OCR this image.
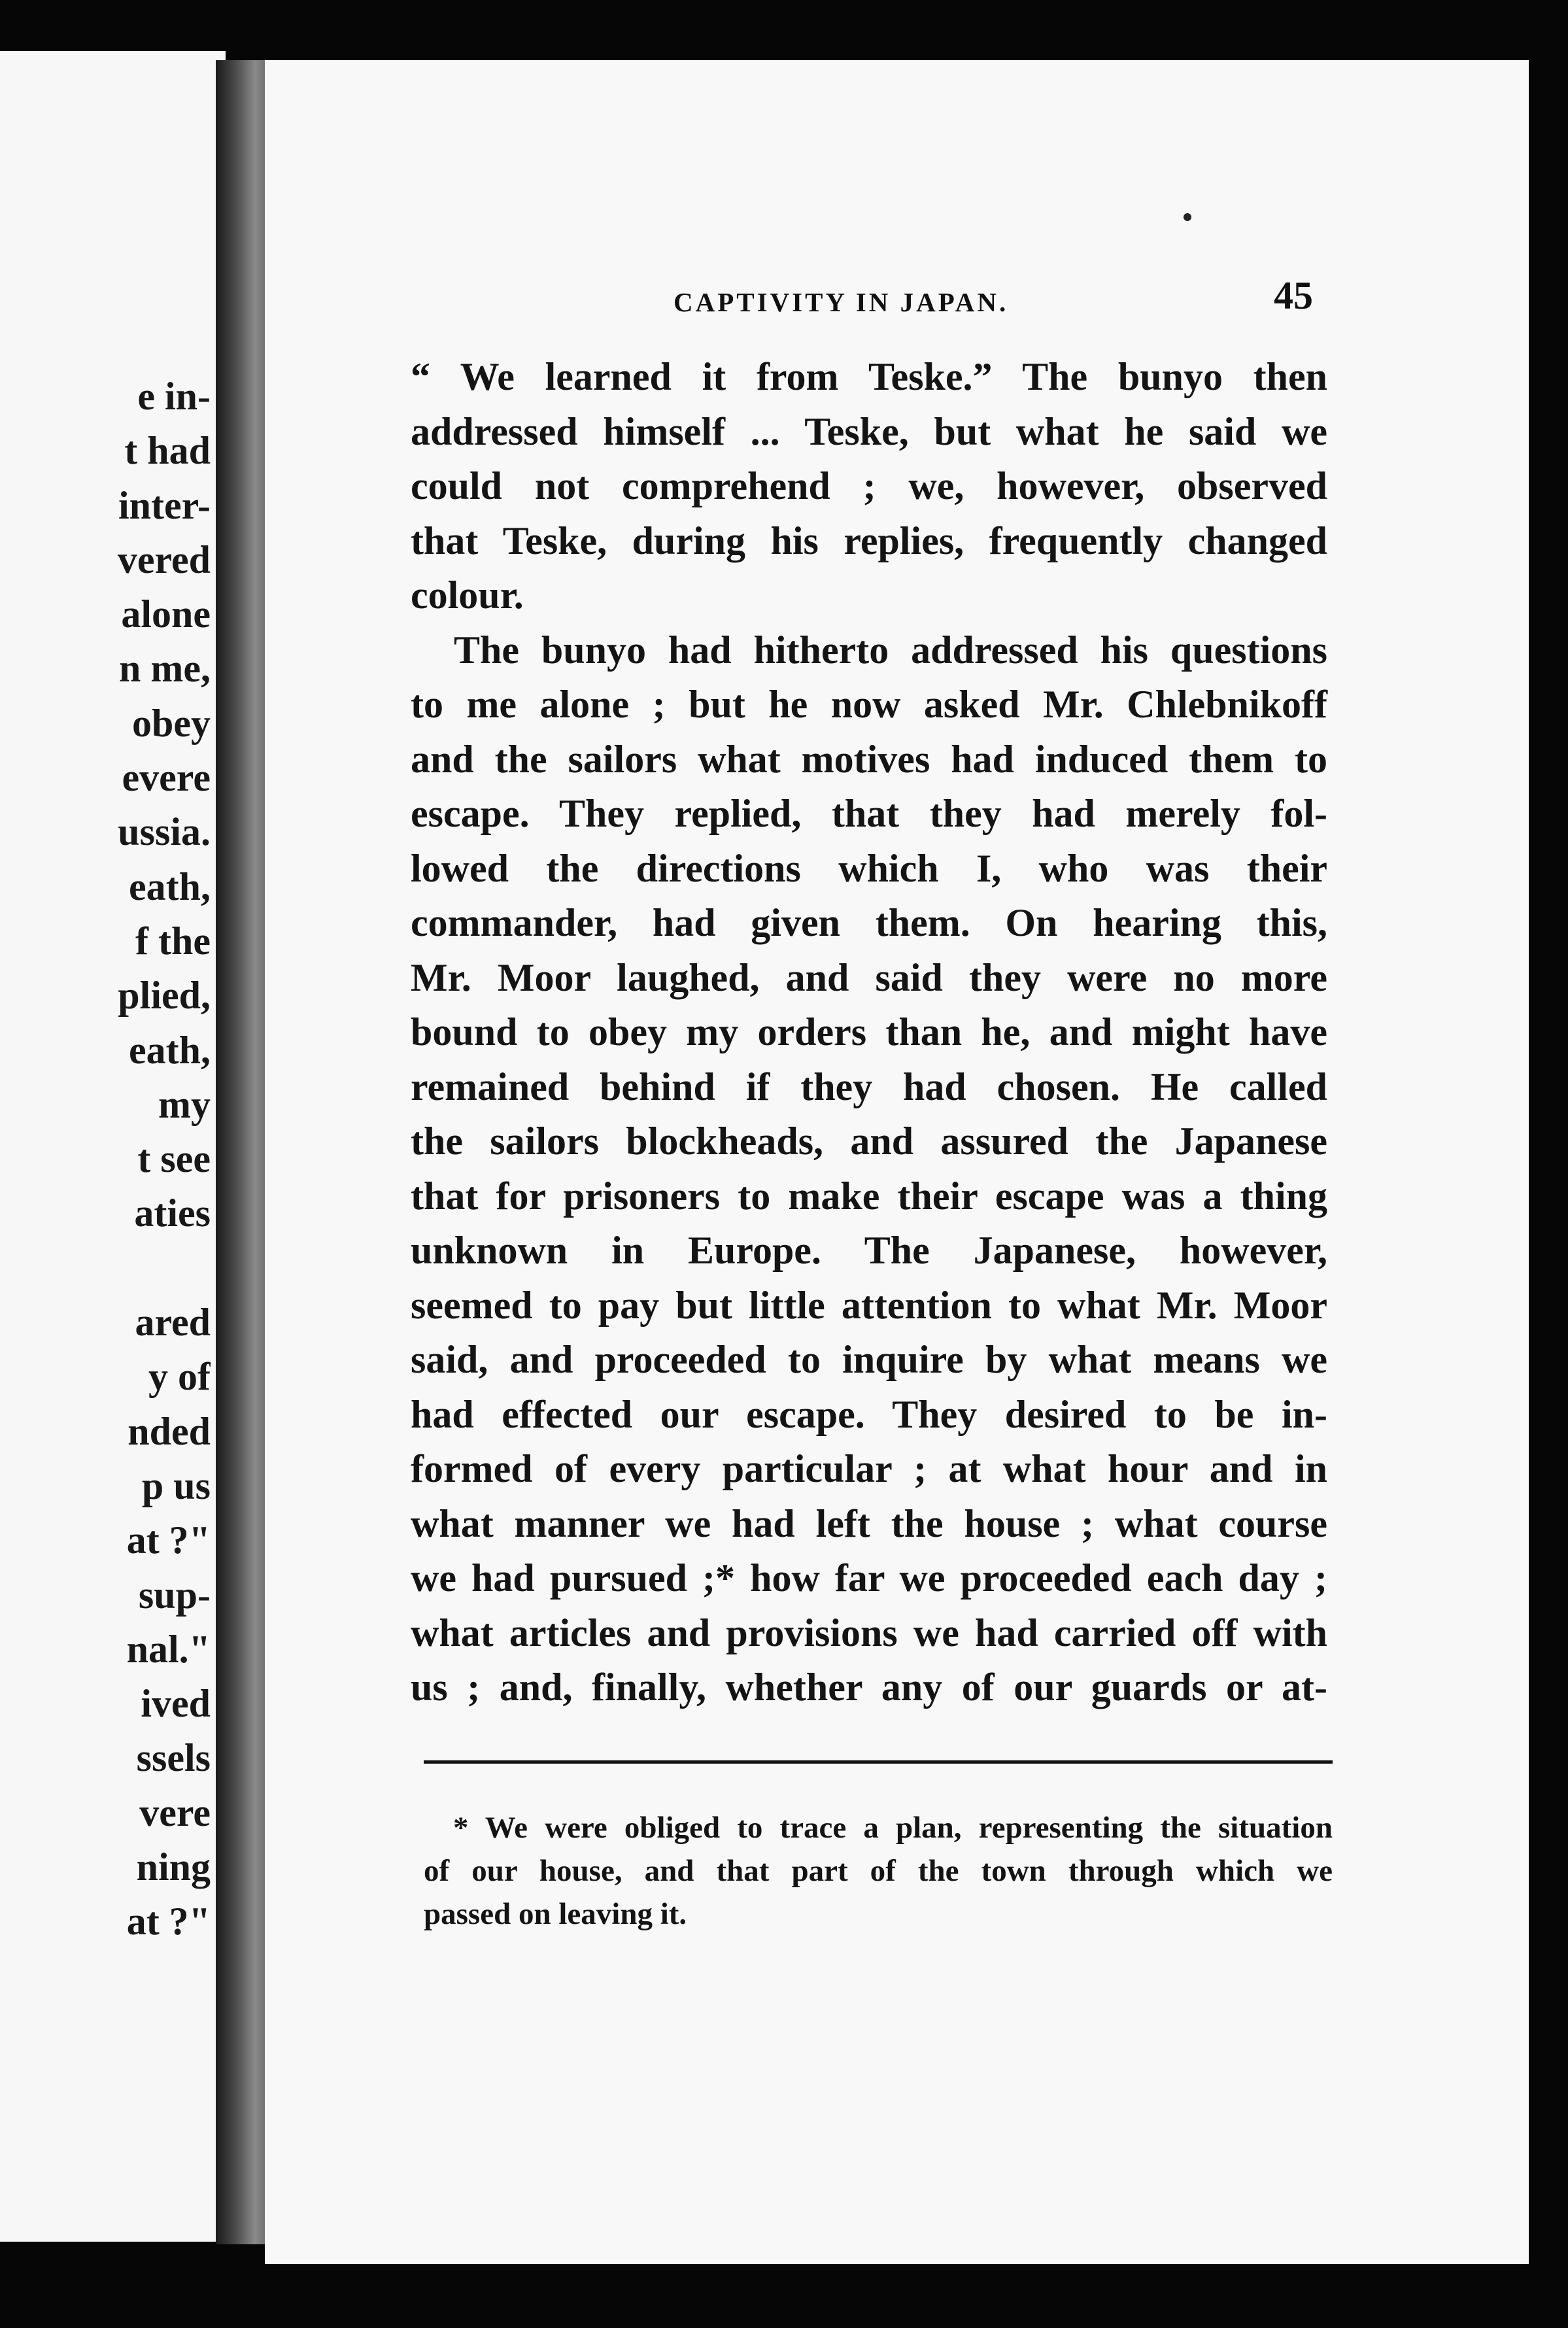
e in-
t had
inter-
vered
alone
n me,
obey
evere
ussia.
eath,
f the
plied,
eath,
my
t see
aties
ared
y of
nded
p us
at ?"
sup-
nal."
ived
ssels
vere
ning
at ?"
CAPTIVITY IN JAPAN.	45
“ We learned it from Teske.” The bunyo then
addressed himself ... Teske, but what he said we
could not comprehend ; we, however, observed
that Teske, during his replies, frequently changed
colour.
The bunyo had hitherto addressed his questions
to me alone ; but he now asked Mr. Chlebnikoff
and the sailors what motives had induced them to
escape. They replied, that they had merely fol-
lowed the directions which I, who was their
commander, had given them. On hearing this,
Mr. Moor laughed, and said they were no more
bound to obey my orders than he, and might have
remained behind if they had chosen. He called
the sailors blockheads, and assured the Japanese
that for prisoners to make their escape was a thing
unknown in Europe. The Japanese, however,
seemed to pay but little attention to what Mr. Moor
said, and proceeded to inquire by what means we
had effected our escape. They desired to be in-
formed of every particular ; at what hour and in
what manner we had left the house ; what course
we had pursued ;* how far we proceeded each day ;
what articles and provisions we had carried off with
us ; and, finally, whether any of our guards or at-
* We were obliged to trace a plan, representing the situation
of our house, and that part of the town through which we
passed on leaving it.
